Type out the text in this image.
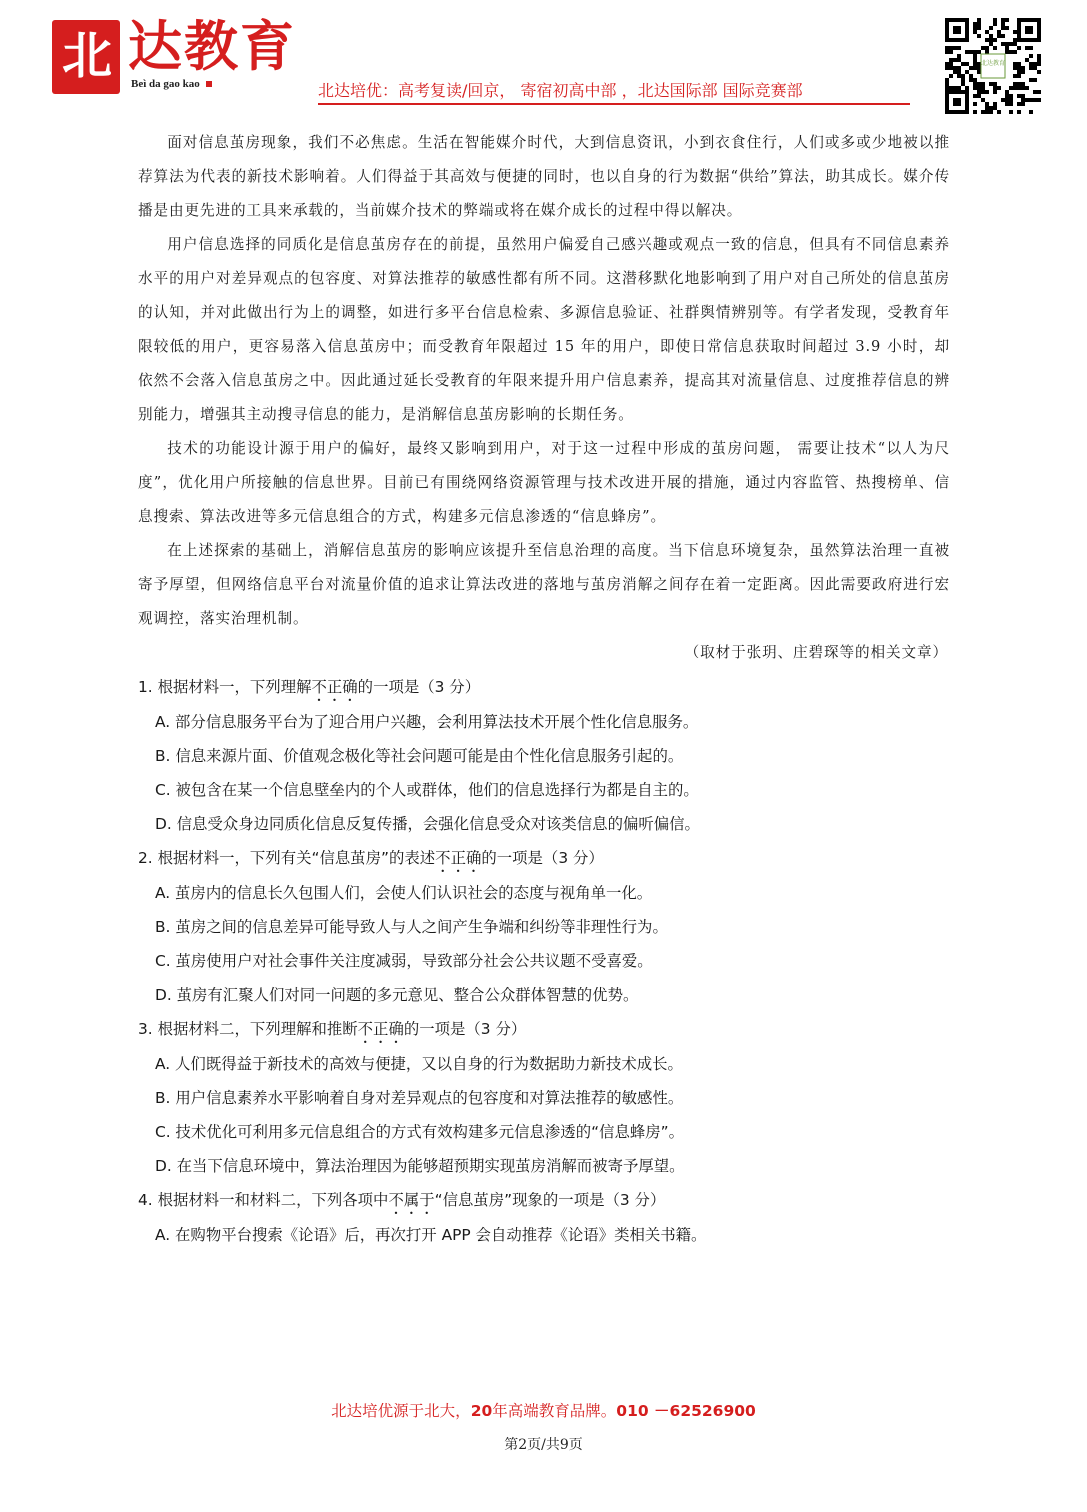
北 达教育
Beì da gao kao	北达培优：高考复读/回京， 寄宿初高中部 ，北达国际部 国际竞赛部
北达教育

面对信息茧房现象，我们不必焦虑。生活在智能媒介时代，大到信息资讯，小到衣食住行，人们或多或少地被以推荐算法为代表的新技术影响着。人们得益于其高效与便捷的同时，也以自身的行为数据“供给”算法，助其成长。媒介传播是由更先进的工具来承载的，当前媒介技术的弊端或将在媒介成长的过程中得以解决。

用户信息选择的同质化是信息茧房存在的前提，虽然用户偏爱自己感兴趣或观点一致的信息，但具有不同信息素养水平的用户对差异观点的包容度、对算法推荐的敏感性都有所不同。这潜移默化地影响到了用户对自己所处的信息茧房的认知，并对此做出行为上的调整，如进行多平台信息检索、多源信息验证、社群舆情辨别等。有学者发现，受教育年限较低的用户，更容易落入信息茧房中；而受教育年限超过 15 年的用户，即使日常信息获取时间超过 3.9 小时，却依然不会落入信息茧房之中。因此通过延长受教育的年限来提升用户信息素养，提高其对流量信息、过度推荐信息的辨别能力，增强其主动搜寻信息的能力，是消解信息茧房影响的长期任务。

技术的功能设计源于用户的偏好，最终又影响到用户，对于这一过程中形成的茧房问题， 需要让技术“以人为尺度”，优化用户所接触的信息世界。目前已有围绕网络资源管理与技术改进开展的措施，通过内容监管、热搜榜单、信息搜索、算法改进等多元信息组合的方式，构建多元信息渗透的“信息蜂房”。

在上述探索的基础上，消解信息茧房的影响应该提升至信息治理的高度。当下信息环境复杂，虽然算法治理一直被寄予厚望，但网络信息平台对流量价值的追求让算法改进的落地与茧房消解之间存在着一定距离。因此需要政府进行宏观调控，落实治理机制。

（取材于张玥、庄碧琛等的相关文章）

1. 根据材料一，下列理解不正确的一项是（3 分）

A. 部分信息服务平台为了迎合用户兴趣，会利用算法技术开展个性化信息服务。

B. 信息来源片面、价值观念极化等社会问题可能是由个性化信息服务引起的。

C. 被包含在某一个信息壁垒内的个人或群体，他们的信息选择行为都是自主的。

D. 信息受众身边同质化信息反复传播，会强化信息受众对该类信息的偏听偏信。

2. 根据材料一，下列有关“信息茧房”的表述不正确的一项是（3 分）

A. 茧房内的信息长久包围人们，会使人们认识社会的态度与视角单一化。

B. 茧房之间的信息差异可能导致人与人之间产生争端和纠纷等非理性行为。

C. 茧房使用户对社会事件关注度减弱，导致部分社会公共议题不受喜爱。

D. 茧房有汇聚人们对同一问题的多元意见、整合公众群体智慧的优势。

3. 根据材料二，下列理解和推断不正确的一项是（3 分）

A. 人们既得益于新技术的高效与便捷，又以自身的行为数据助力新技术成长。

B. 用户信息素养水平影响着自身对差异观点的包容度和对算法推荐的敏感性。

C. 技术优化可利用多元信息组合的方式有效构建多元信息渗透的“信息蜂房”。

D. 在当下信息环境中，算法治理因为能够超预期实现茧房消解而被寄予厚望。

4. 根据材料一和材料二，下列各项中不属于“信息茧房”现象的一项是（3 分）

A. 在购物平台搜索《论语》后，再次打开 APP 会自动推荐《论语》类相关书籍。

北达培优源于北大，20年高端教育品牌。010 －62526900
第2页/共9页
